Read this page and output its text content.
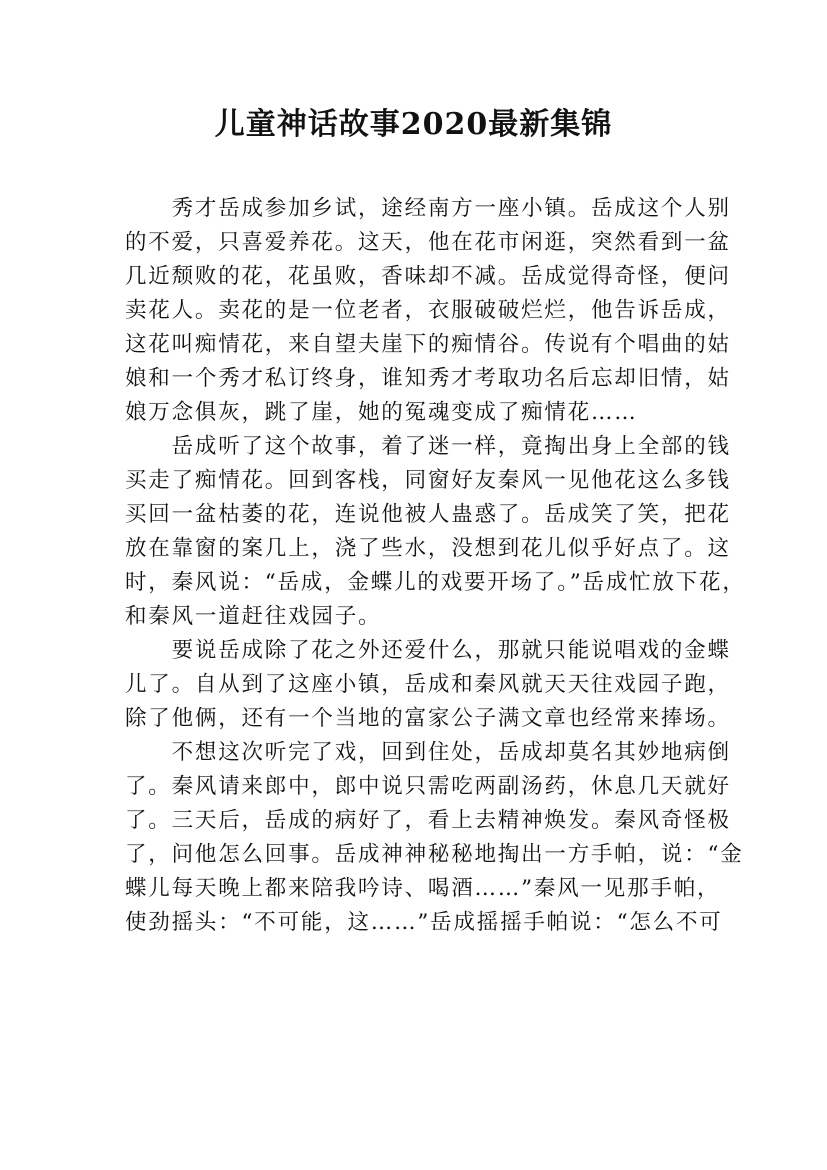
儿童神话故事2020最新集锦
　　秀才岳成参加乡试，途经南方一座小镇。岳成这个人别
的不爱，只喜爱养花。这天，他在花市闲逛，突然看到一盆
几近颓败的花，花虽败，香味却不减。岳成觉得奇怪，便问
卖花人。卖花的是一位老者，衣服破破烂烂，他告诉岳成，
这花叫痴情花，来自望夫崖下的痴情谷。传说有个唱曲的姑
娘和一个秀才私订终身，谁知秀才考取功名后忘却旧情，姑
娘万念俱灰，跳了崖，她的冤魂变成了痴情花……
　　岳成听了这个故事，着了迷一样，竟掏出身上全部的钱
买走了痴情花。回到客栈，同窗好友秦风一见他花这么多钱
买回一盆枯萎的花，连说他被人蛊惑了。岳成笑了笑，把花
放在靠窗的案几上，浇了些水，没想到花儿似乎好点了。这
时，秦风说：“岳成，金蝶儿的戏要开场了。”岳成忙放下花，
和秦风一道赶往戏园子。
　　要说岳成除了花之外还爱什么，那就只能说唱戏的金蝶
儿了。自从到了这座小镇，岳成和秦风就天天往戏园子跑，
除了他俩，还有一个当地的富家公子满文章也经常来捧场。
　　不想这次听完了戏，回到住处，岳成却莫名其妙地病倒
了。秦风请来郎中，郎中说只需吃两副汤药，休息几天就好
了。三天后，岳成的病好了，看上去精神焕发。秦风奇怪极
了，问他怎么回事。岳成神神秘秘地掏出一方手帕，说：“金
蝶儿每天晚上都来陪我吟诗、喝酒……”秦风一见那手帕，
使劲摇头：“不可能，这……”岳成摇摇手帕说：“怎么不可
